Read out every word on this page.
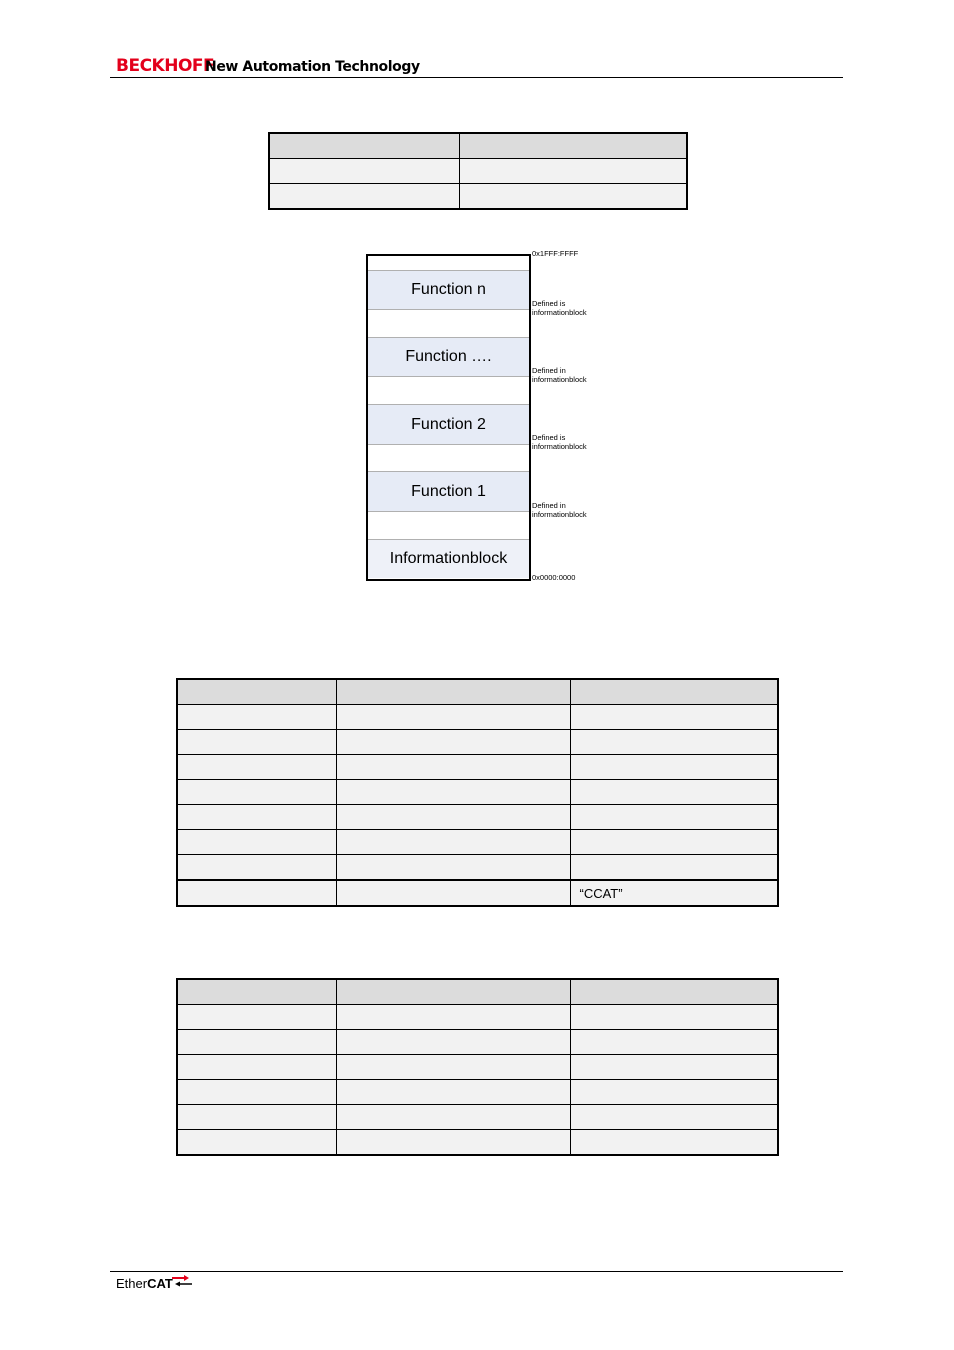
BECKHOFF
New Automation Technology

Function n
Function ….
Function 2
Function 1
Informationblock
0x1FFF:FFFF
Defined is
informationblock
Defined in
informationblock
Defined is
informationblock
Defined in
informationblock
0x0000:0000

		“CCAT”

EtherCAT
